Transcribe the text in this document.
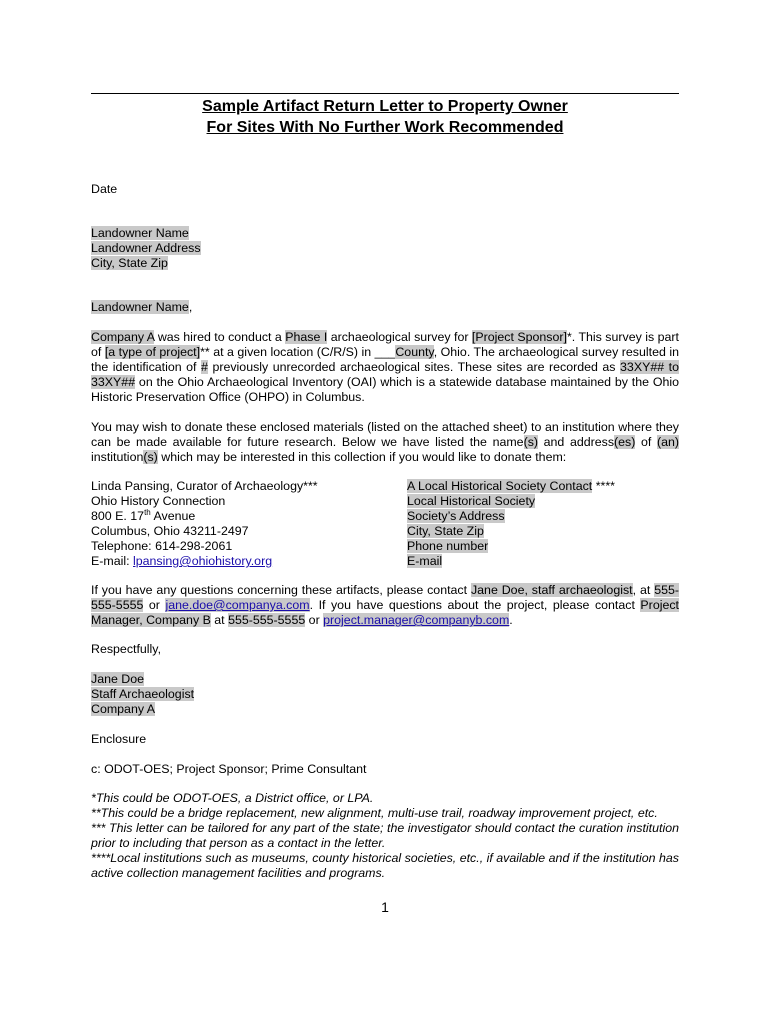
Sample Artifact Return Letter to Property Owner
For Sites With No Further Work Recommended
Date
Landowner Name
Landowner Address
City, State Zip
Landowner Name,
Company A was hired to conduct a Phase I archaeological survey for [Project Sponsor]*. This survey is part of [a type of project]** at a given location (C/R/S) in ___County, Ohio. The archaeological survey resulted in the identification of # previously unrecorded archaeological sites. These sites are recorded as 33XY## to 33XY## on the Ohio Archaeological Inventory (OAI) which is a statewide database maintained by the Ohio Historic Preservation Office (OHPO) in Columbus.
You may wish to donate these enclosed materials (listed on the attached sheet) to an institution where they can be made available for future research. Below we have listed the name(s) and address(es) of (an) institution(s) which may be interested in this collection if you would like to donate them:
Linda Pansing, Curator of Archaeology***
Ohio History Connection
800 E. 17th Avenue
Columbus, Ohio 43211-2497
Telephone: 614-298-2061
E-mail: lpansing@ohiohistory.org
A Local Historical Society Contact ****
Local Historical Society
Society’s Address
City, State Zip
Phone number
E-mail
If you have any questions concerning these artifacts, please contact Jane Doe, staff archaeologist, at 555-555-5555 or jane.doe@companya.com. If you have questions about the project, please contact Project Manager, Company B at 555-555-5555 or project.manager@companyb.com.
Respectfully,
Jane Doe
Staff Archaeologist
Company A
Enclosure
c: ODOT-OES; Project Sponsor; Prime Consultant
*This could be ODOT-OES, a District office, or LPA.
**This could be a bridge replacement, new alignment, multi-use trail, roadway improvement project, etc.
*** This letter can be tailored for any part of the state; the investigator should contact the curation institution prior to including that person as a contact in the letter.
****Local institutions such as museums, county historical societies, etc., if available and if the institution has active collection management facilities and programs.
1
